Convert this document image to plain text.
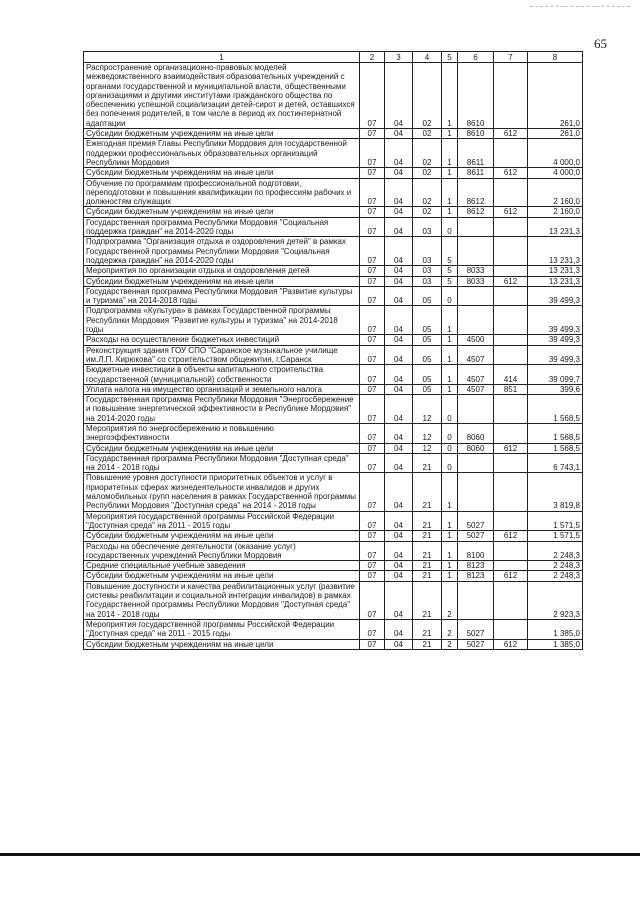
65
1	2	3	4	5	6	7	8
Распространение организационно-правовых моделей межведомственного взаимодействия образовательных учреждений с органами государственной и муниципальной власти, общественными организациями и другими институтами гражданского общества по обеспечению успешной социализации детей-сирот и детей, оставшихся без попечения родителей, в том числе в период их постинтернатной адаптации	07	04	02	1	8610		261,0
Субсидии бюджетным учреждениям на иные цели	07	04	02	1	8610	612	261,0
Ежегодная премия Главы Республики Мордовия для государственной поддержки профессиональных образовательных организаций Республики Мордовия	07	04	02	1	8611		4 000,0
Субсидии бюджетным учреждениям на иные цели	07	04	02	1	8611	612	4 000,0
Обучение по программам профессиональной подготовки, переподготовки и повышения квалификации по профессиям рабочих и должностям служащих	07	04	02	1	8612		2 160,0
Субсидии бюджетным учреждениям на иные цели	07	04	02	1	8612	612	2 160,0
Государственная программа Республики Мордовия "Социальная поддержка граждан" на 2014-2020 годы	07	04	03	0			13 231,3
Подпрограмма "Организация отдыха и оздоровления детей" в рамках Государственной программы Республики Мордовия "Социальная поддержка граждан" на 2014-2020 годы	07	04	03	5			13 231,3
Мероприятия по организации отдыха и оздоровления детей	07	04	03	5	8033		13 231,3
Субсидии бюджетным учреждениям на иные цели	07	04	03	5	8033	612	13 231,3
Государственная программа Республики Мордовия "Развитие культуры и туризма" на 2014-2018 годы	07	04	05	0			39 499,3
Подпрограмма «Культура» в рамках Государственной программы Республики Мордовия "Развитие культуры и туризма" на 2014-2018 годы	07	04	05	1			39 499,3
Расходы на осуществление бюджетных инвестиций	07	04	05	1	4500		39 499,3
Реконструкция здания ГОУ СПО "Саранское музыкальное училище им.Л.П. Кирюкова" со строительством общежития, г.Саранск	07	04	05	1	4507		39 499,3
Бюджетные инвестиции в объекты капитального строительства государственной (муниципальной) собственности	07	04	05	1	4507	414	39 099,7
Уплата налога на имущество организаций и земельного налога	07	04	05	1	4507	851	399,6
Государственная программа Республики Мордовия "Энергосбережение и повышение энергетической эффективности в Республике Мордовия" на 2014-2020 годы	07	04	12	0			1 568,5
Мероприятия по энергосбережению и повышению энергоэффективности	07	04	12	0	8060		1 568,5
Субсидии бюджетным учреждениям на иные цели	07	04	12	0	8060	612	1 568,5
Государственная программа Республики Мордовия "Доступная среда" на 2014 - 2018 годы	07	04	21	0			6 743,1
Повышение уровня доступности приоритетных объектов и услуг в приоритетных сферах жизнедеятельности инвалидов и других маломобильных групп населения в рамках Государственной программы Республики Мордовия "Доступная среда" на 2014 - 2018 годы	07	04	21	1			3 819,8
Мероприятия государственной программы Российской Федерации "Доступная среда" на 2011 - 2015 годы	07	04	21	1	5027		1 571,5
Субсидии бюджетным учреждениям на иные цели	07	04	21	1	5027	612	1 571,5
Расходы на обеспечение деятельности (оказание услуг) государственных учреждений Республики Мордовия	07	04	21	1	8100		2 248,3
Средние специальные учебные заведения	07	04	21	1	8123		2 248,3
Субсидии бюджетным учреждениям на иные цели	07	04	21	1	8123	612	2 248,3
Повышение доступности и качества реабилитационных услуг (развитие системы реабилитации и социальной интеграции инвалидов) в рамках Государственной программы Республики Мордовия "Доступная среда" на 2014 - 2018 годы	07	04	21	2			2 923,3
Мероприятия государственной программы Российской Федерации "Доступная среда" на 2011 - 2015 годы	07	04	21	2	5027		1 385,0
Субсидии бюджетным учреждениям на иные цели	07	04	21	2	5027	612	1 385,0
